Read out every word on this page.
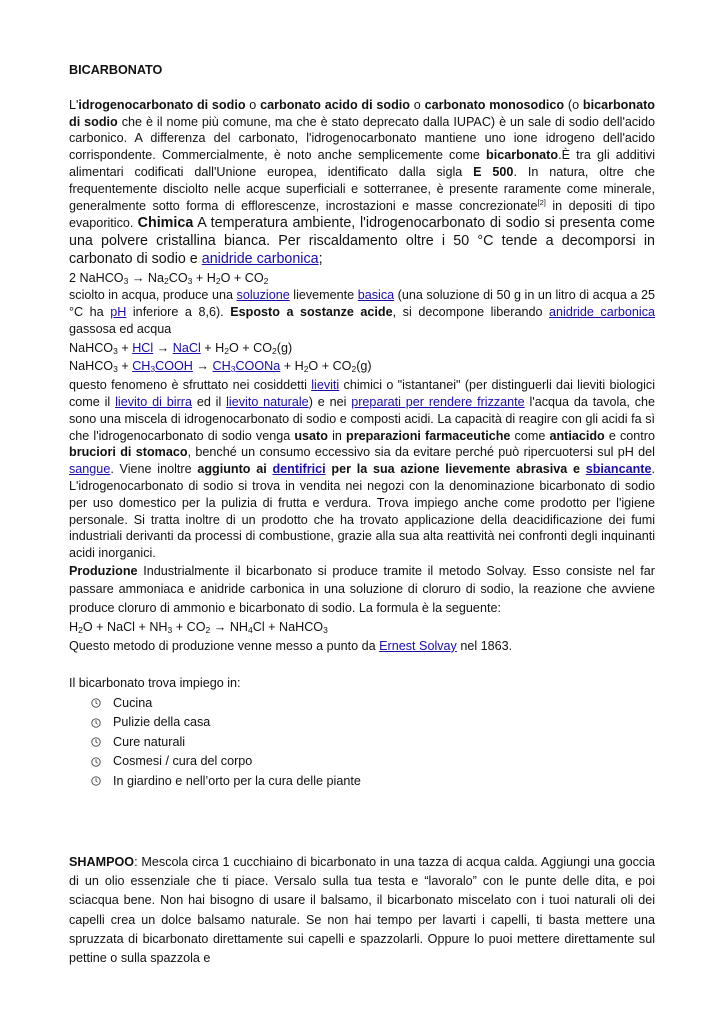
BICARBONATO

L'idrogenocarbonato di sodio o carbonato acido di sodio o carbonato monosodico (o bicarbonato di sodio che è il nome più comune, ma che è stato deprecato dalla IUPAC) è un sale di sodio dell'acido carbonico. A differenza del carbonato, l'idrogenocarbonato mantiene uno ione idrogeno dell'acido corrispondente. Commercialmente, è noto anche semplicemente come bicarbonato.È tra gli additivi alimentari codificati dall'Unione europea, identificato dalla sigla E 500. In natura, oltre che frequentemente disciolto nelle acque superficiali e sotterranee, è presente raramente come minerale, generalmente sotto forma di efflorescenze, incrostazioni e masse concrezionate[2] in depositi di tipo evaporitico. Chimica A temperatura ambiente, l'idrogenocarbonato di sodio si presenta come una polvere cristallina bianca. Per riscaldamento oltre i 50 °C tende a decomporsi in carbonato di sodio e anidride carbonica;

2 NaHCO$_3$ → $Na_2CO_3 + H_2O + CO_2$

sciolto in acqua, produce una soluzione lievemente basica (una soluzione di 50 g in un litro di acqua a 25 °C ha pH inferiore a 8,6). Esposto a sostanze acide, si decompone liberando anidride carbonica gassosa ed acqua

NaHCO$_3$ + HCl → NaCl + $H_2O + CO_2(g)$
NaHCO$_3$ + $CH_3COOH$ → $CH_3COONa + H_2O + CO_2(g)$

questo fenomeno è sfruttato nei cosiddetti lieviti chimici o "istantanei" (per distinguerli dai lieviti biologici come il lievito di birra ed il lievito naturale) e nei preparati per rendere frizzante l'acqua da tavola, che sono una miscela di idrogenocarbonato di sodio e composti acidi. La capacità di reagire con gli acidi fa sì che l'idrogenocarbonato di sodio venga usato in preparazioni farmaceutiche come antiacido e contro bruciori di stomaco, benché un consumo eccessivo sia da evitare perché può ripercuotersi sul pH del sangue. Viene inoltre aggiunto ai dentifrici per la sua azione lievemente abrasiva e sbiancante. L'idrogenocarbonato di sodio si trova in vendita nei negozi con la denominazione bicarbonato di sodio per uso domestico per la pulizia di frutta e verdura. Trova impiego anche come prodotto per l'igiene personale. Si tratta inoltre di un prodotto che ha trovato applicazione della deacidificazione dei fumi industriali derivanti da processi di combustione, grazie alla sua alta reattività nei confronti degli inquinanti acidi inorganici.

Produzione Industrialmente il bicarbonato si produce tramite il metodo Solvay. Esso consiste nel far passare ammoniaca e anidride carbonica in una soluzione di cloruro di sodio, la reazione che avviene produce cloruro di ammonio e bicarbonato di sodio. La formula è la seguente:

$H_2O$ + NaCl + $NH_3 + CO_2 \to NH_4Cl$ + NaHCO$_3$

Questo metodo di produzione venne messo a punto da Ernest Solvay nel 1863.

Il bicarbonato trova impiego in:

Cucina
Pulizie della casa
Cure naturali
Cosmesi / cura del corpo
In giardino e nell’orto per la cura delle piante

SHAMPOO: Mescola circa 1 cucchiaino di bicarbonato in una tazza di acqua calda. Aggiungi una goccia di un olio essenziale che ti piace. Versalo sulla tua testa e “lavoralo” con le punte delle dita, e poi sciacqua bene. Non hai bisogno di usare il balsamo, il bicarbonato miscelato con i tuoi naturali oli dei capelli crea un dolce balsamo naturale. Se non hai tempo per lavarti i capelli, ti basta mettere una spruzzata di bicarbonato direttamente sui capelli e spazzolarli. Oppure lo puoi mettere direttamente sul pettine o sulla spazzola e
